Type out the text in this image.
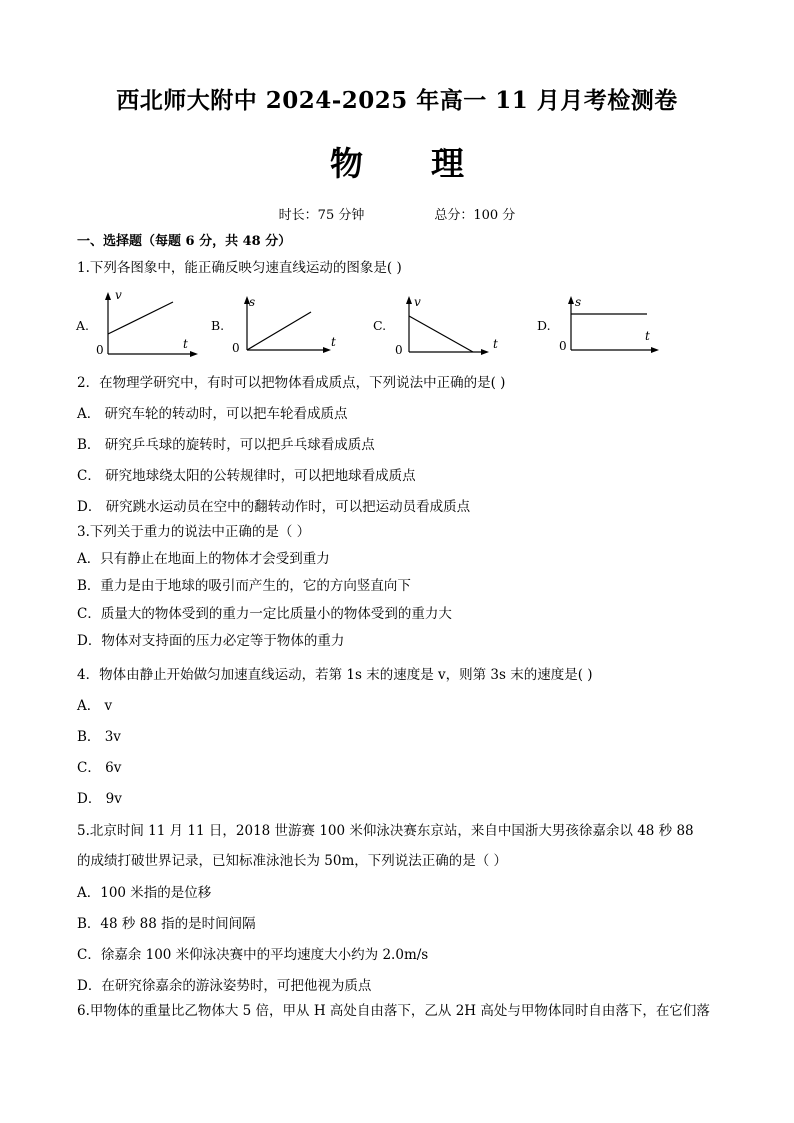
西北师大附中 2024-2025 年高一 11 月月考检测卷
物 理
时长：75 分钟	总分：100 分
一、选择题（每题 6 分，共 48 分）
1.下列各图象中，能正确反映匀速直线运动的图象是( )
A.
v
t
0
B.
s
t
0
C.
v
t
0
D.
s
t
0
2．在物理学研究中，有时可以把物体看成质点，下列说法中正确的是( )
A． 研究车轮的转动时，可以把车轮看成质点
B． 研究乒乓球的旋转时，可以把乒乓球看成质点
C． 研究地球绕太阳的公转规律时，可以把地球看成质点
D． 研究跳水运动员在空中的翻转动作时，可以把运动员看成质点
3.下列关于重力的说法中正确的是（ ）
A．只有静止在地面上的物体才会受到重力
B．重力是由于地球的吸引而产生的，它的方向竖直向下
C．质量大的物体受到的重力一定比质量小的物体受到的重力大
D．物体对支持面的压力必定等于物体的重力
4．物体由静止开始做匀加速直线运动，若第 1s 末的速度是 v，则第 3s 末的速度是( )
A． v
B． 3v
C． 6v
D． 9v
5.北京时间 11 月 11 日，2018 世游赛 100 米仰泳决赛东京站，来自中国浙大男孩徐嘉余以 48 秒 88
的成绩打破世界记录，已知标准泳池长为 50m，下列说法正确的是（ ）
A．100 米指的是位移
B．48 秒 88 指的是时间间隔
C．徐嘉余 100 米仰泳决赛中的平均速度大小约为 2.0m/s
D．在研究徐嘉余的游泳姿势时，可把他视为质点
6.甲物体的重量比乙物体大 5 倍，甲从 H 高处自由落下，乙从 2H 高处与甲物体同时自由落下，在它们落
